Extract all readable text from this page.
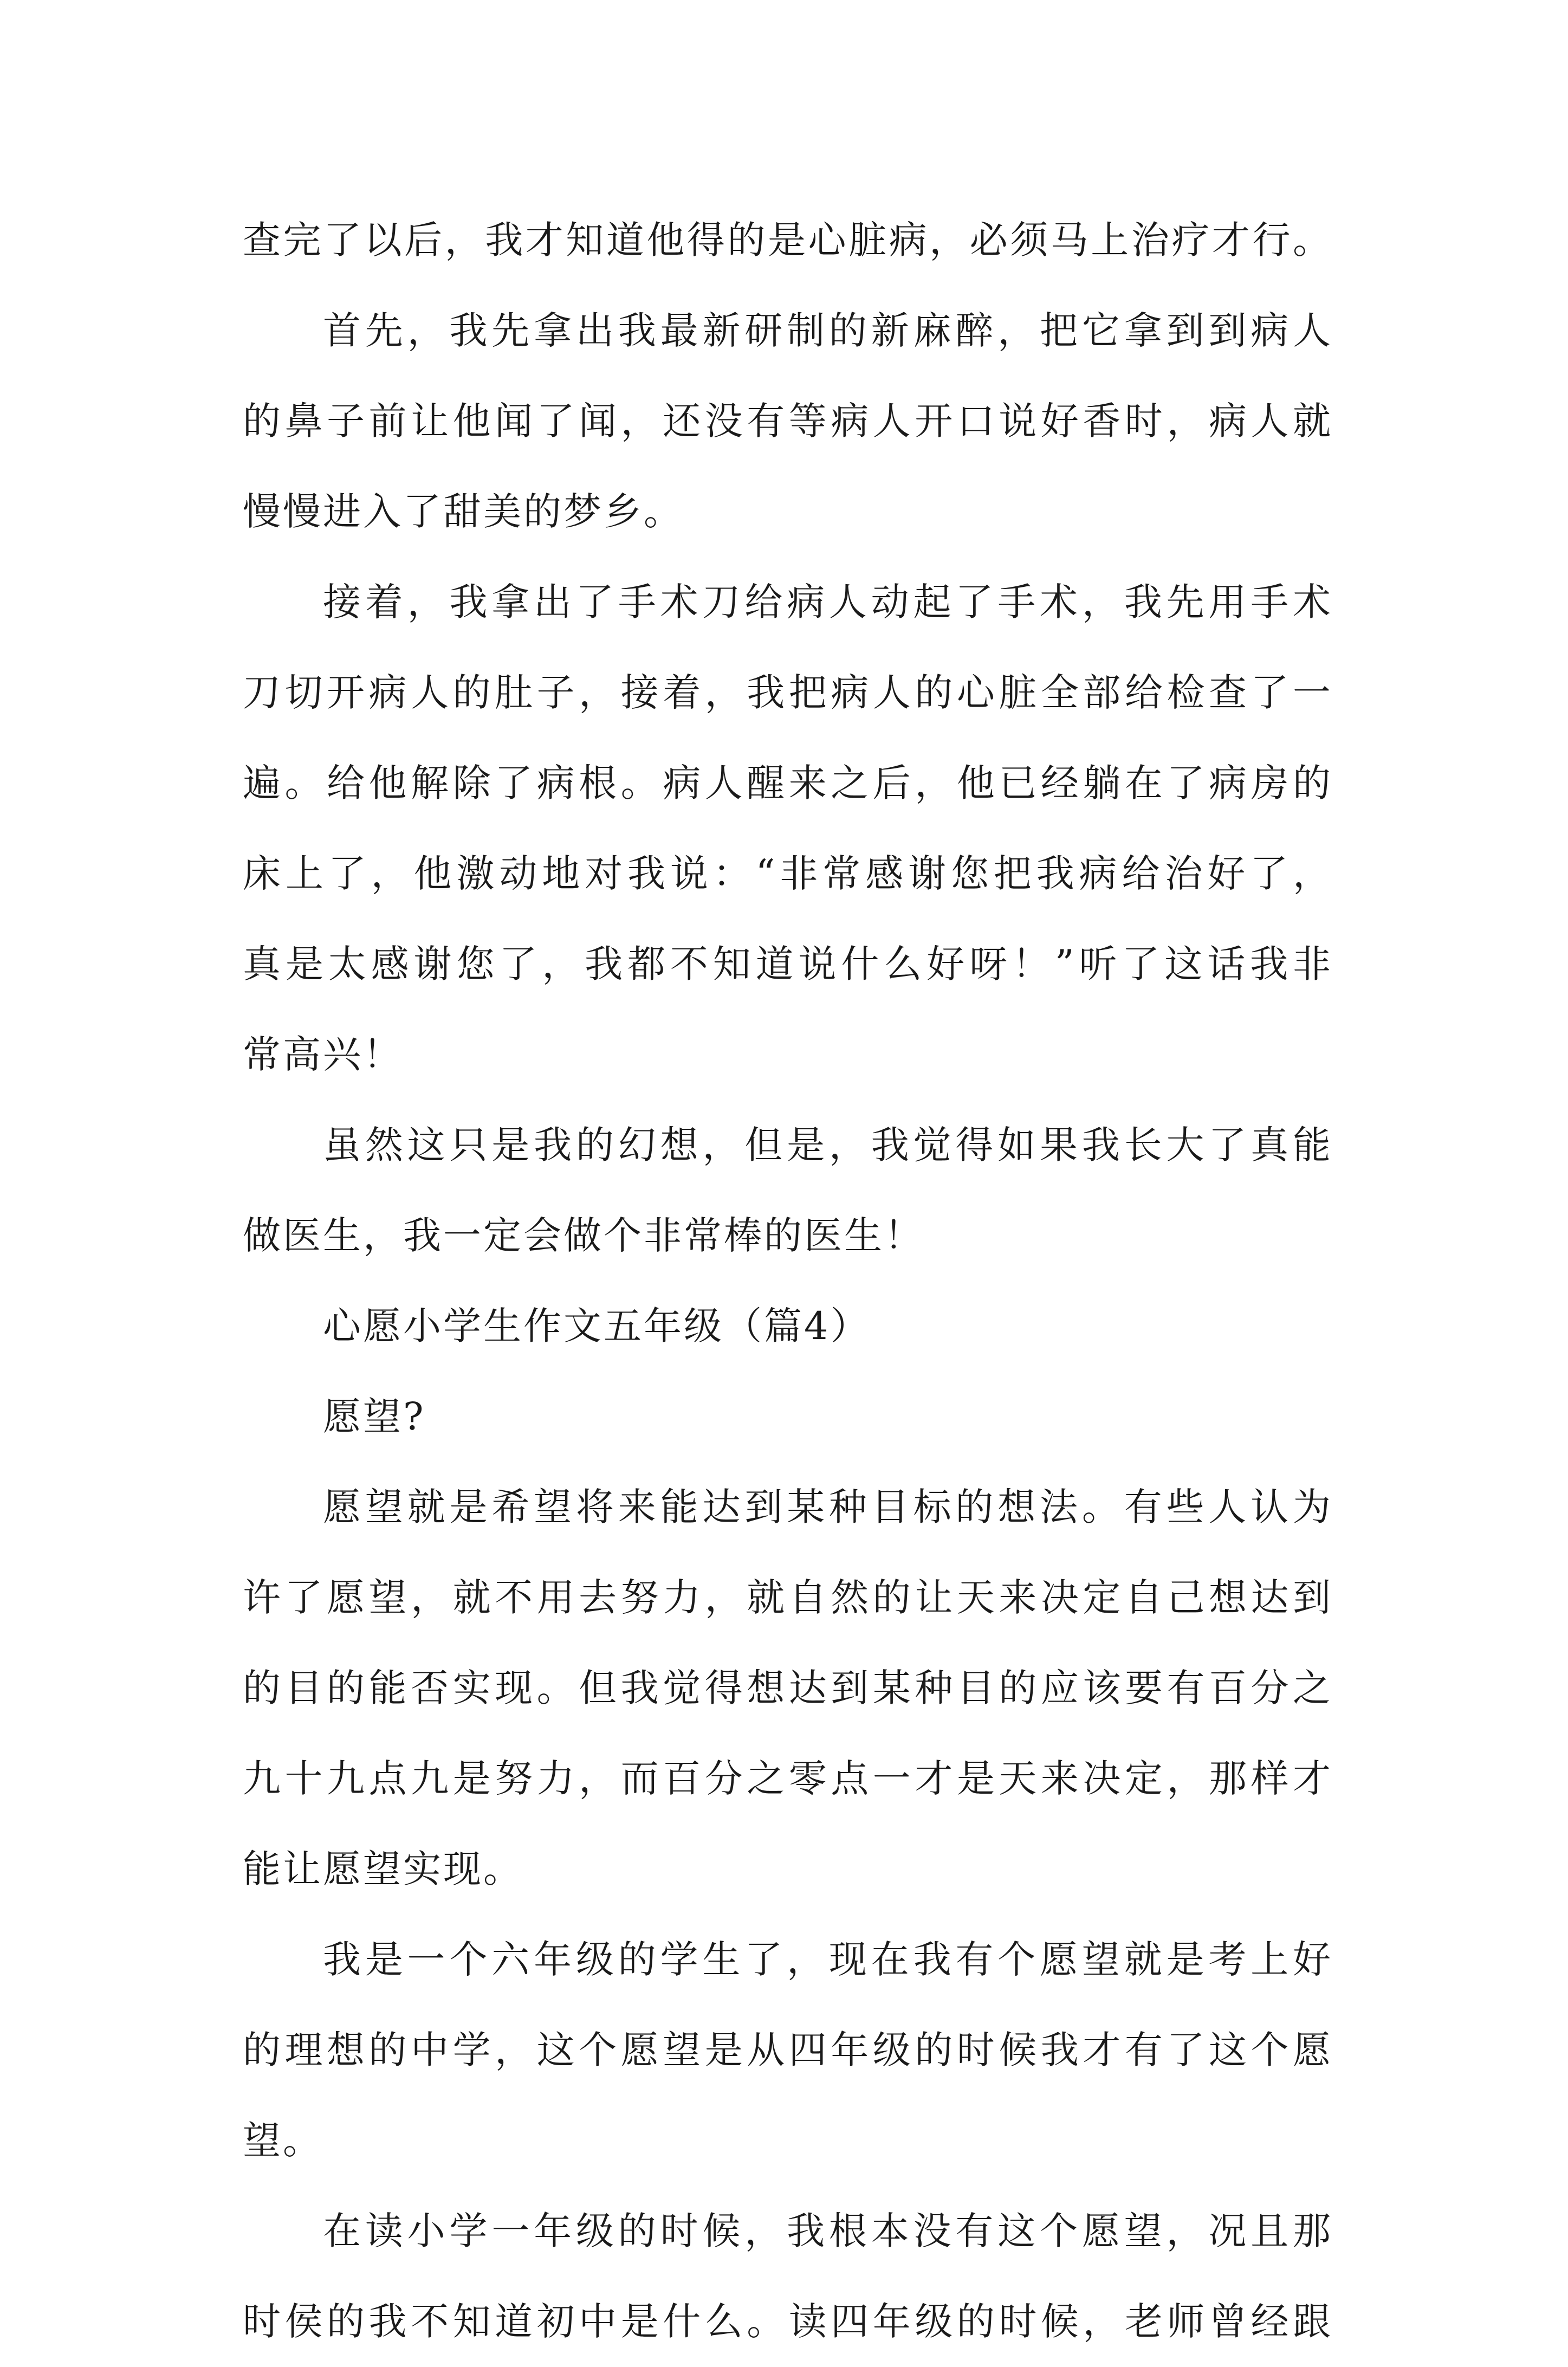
查完了以后，我才知道他得的是心脏病，必须马上治疗才行。
首先，我先拿出我最新研制的新麻醉，把它拿到到病人
的鼻子前让他闻了闻，还没有等病人开口说好香时，病人就
慢慢进入了甜美的梦乡。
接着，我拿出了手术刀给病人动起了手术，我先用手术
刀切开病人的肚子，接着，我把病人的心脏全部给检查了一
遍。给他解除了病根。病人醒来之后，他已经躺在了病房的
床上了，他激动地对我说：“非常感谢您把我病给治好了，
真是太感谢您了，我都不知道说什么好呀！”听了这话我非
常高兴！
虽然这只是我的幻想，但是，我觉得如果我长大了真能
做医生，我一定会做个非常棒的医生！
心愿小学生作文五年级（篇4）
愿望?
愿望就是希望将来能达到某种目标的想法。有些人认为
许了愿望，就不用去努力，就自然的让天来决定自己想达到
的目的能否实现。但我觉得想达到某种目的应该要有百分之
九十九点九是努力，而百分之零点一才是天来决定，那样才
能让愿望实现。
我是一个六年级的学生了，现在我有个愿望就是考上好
的理想的中学，这个愿望是从四年级的时候我才有了这个愿
望。
在读小学一年级的时候，我根本没有这个愿望，况且那
时侯的我不知道初中是什么。读四年级的时候，老师曾经跟
